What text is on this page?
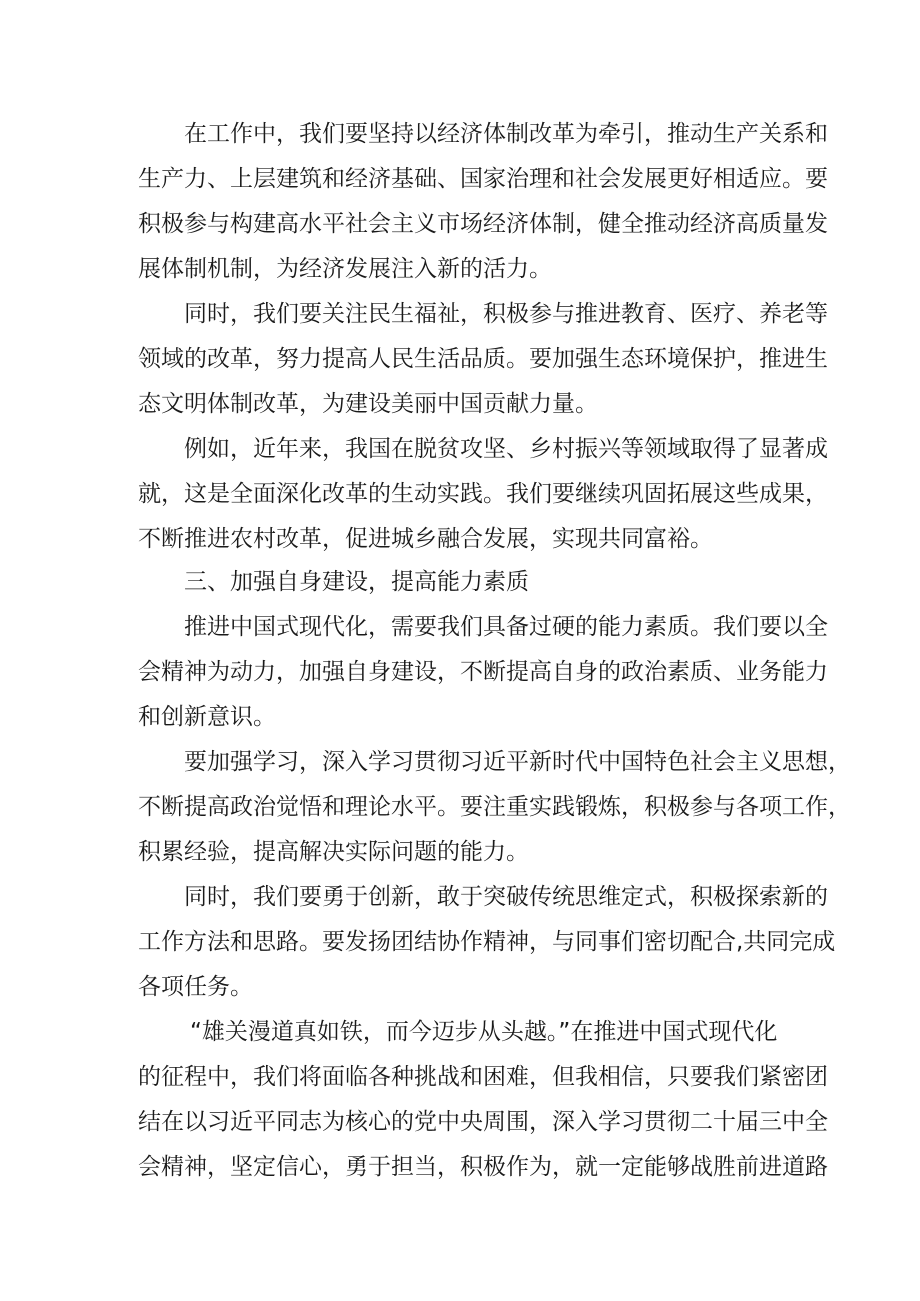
在工作中，我们要坚持以经济体制改革为牵引，推动生产关系和
生产力、上层建筑和经济基础、国家治理和社会发展更好相适应。要
积极参与构建高水平社会主义市场经济体制，健全推动经济高质量发
展体制机制，为经济发展注入新的活力。
同时，我们要关注民生福祉，积极参与推进教育、医疗、养老等
领域的改革，努力提高人民生活品质。要加强生态环境保护，推进生
态文明体制改革，为建设美丽中国贡献力量。
例如，近年来，我国在脱贫攻坚、乡村振兴等领域取得了显著成
就，这是全面深化改革的生动实践。我们要继续巩固拓展这些成果，
不断推进农村改革，促进城乡融合发展，实现共同富裕。
三、加强自身建设，提高能力素质
推进中国式现代化，需要我们具备过硬的能力素质。我们要以全
会精神为动力，加强自身建设，不断提高自身的政治素质、业务能力
和创新意识。
要加强学习，深入学习贯彻习近平新时代中国特色社会主义思想，
不断提高政治觉悟和理论水平。要注重实践锻炼，积极参与各项工作，
积累经验，提高解决实际问题的能力。
同时，我们要勇于创新，敢于突破传统思维定式，积极探索新的
工作方法和思路。要发扬团结协作精神，与同事们密切配合,共同完成
各项任务。
“雄关漫道真如铁，而今迈步从头越。”在推进中国式现代化
的征程中，我们将面临各种挑战和困难，但我相信，只要我们紧密团
结在以习近平同志为核心的党中央周围，深入学习贯彻二十届三中全
会精神，坚定信心，勇于担当，积极作为，就一定能够战胜前进道路
